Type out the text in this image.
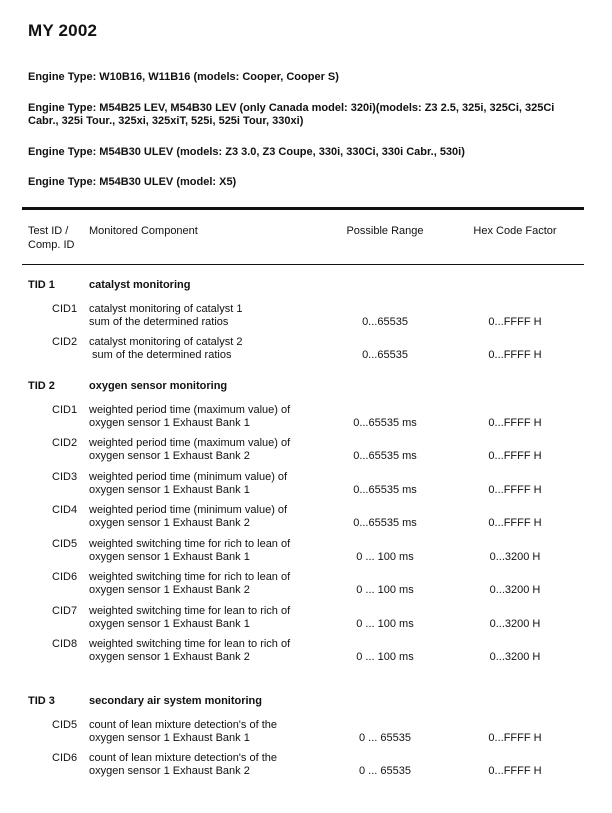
MY 2002
Engine Type: W10B16, W11B16 (models: Cooper, Cooper S)
Engine Type: M54B25 LEV, M54B30 LEV (only Canada model: 320i)(models: Z3 2.5, 325i, 325Ci, 325Ci Cabr., 325i Tour., 325xi, 325xiT, 525i, 525i Tour, 330xi)
Engine Type: M54B30 ULEV (models: Z3 3.0, Z3 Coupe, 330i, 330Ci, 330i Cabr., 530i)
Engine Type: M54B30 ULEV (model: X5)
Test ID /
Comp. ID
Monitored Component	Possible Range	Hex Code Factor
TID 1	catalyst monitoring
CID1 catalyst monitoring of catalyst 1
sum of the determined ratios	0...65535	0...FFFF H
CID2 catalyst monitoring of catalyst 2
sum of the determined ratios	0...65535	0...FFFF H
TID 2	oxygen sensor monitoring
CID1 weighted period time (maximum value) of
oxygen sensor 1 Exhaust Bank 1	0...65535 ms	0...FFFF H
CID2 weighted period time (maximum value) of
oxygen sensor 1 Exhaust Bank 2	0...65535 ms	0...FFFF H
CID3 weighted period time (minimum value) of
oxygen sensor 1 Exhaust Bank 1	0...65535 ms	0...FFFF H
CID4 weighted period time (minimum value) of
oxygen sensor 1 Exhaust Bank 2	0...65535 ms	0...FFFF H
CID5 weighted switching time for rich to lean of
oxygen sensor 1 Exhaust Bank 1	0 ... 100 ms	0...3200 H
CID6 weighted switching time for rich to lean of
oxygen sensor 1 Exhaust Bank 2	0 ... 100 ms	0...3200 H
CID7 weighted switching time for lean to rich of
oxygen sensor 1 Exhaust Bank 1	0 ... 100 ms	0...3200 H
CID8 weighted switching time for lean to rich of
oxygen sensor 1 Exhaust Bank 2	0 ... 100 ms	0...3200 H
TID 3	secondary air system monitoring
CID5 count of lean mixture detection's of the
oxygen sensor 1 Exhaust Bank 1	0 ... 65535	0...FFFF H
CID6 count of lean mixture detection's of the
oxygen sensor 1 Exhaust Bank 2	0 ... 65535	0...FFFF H
